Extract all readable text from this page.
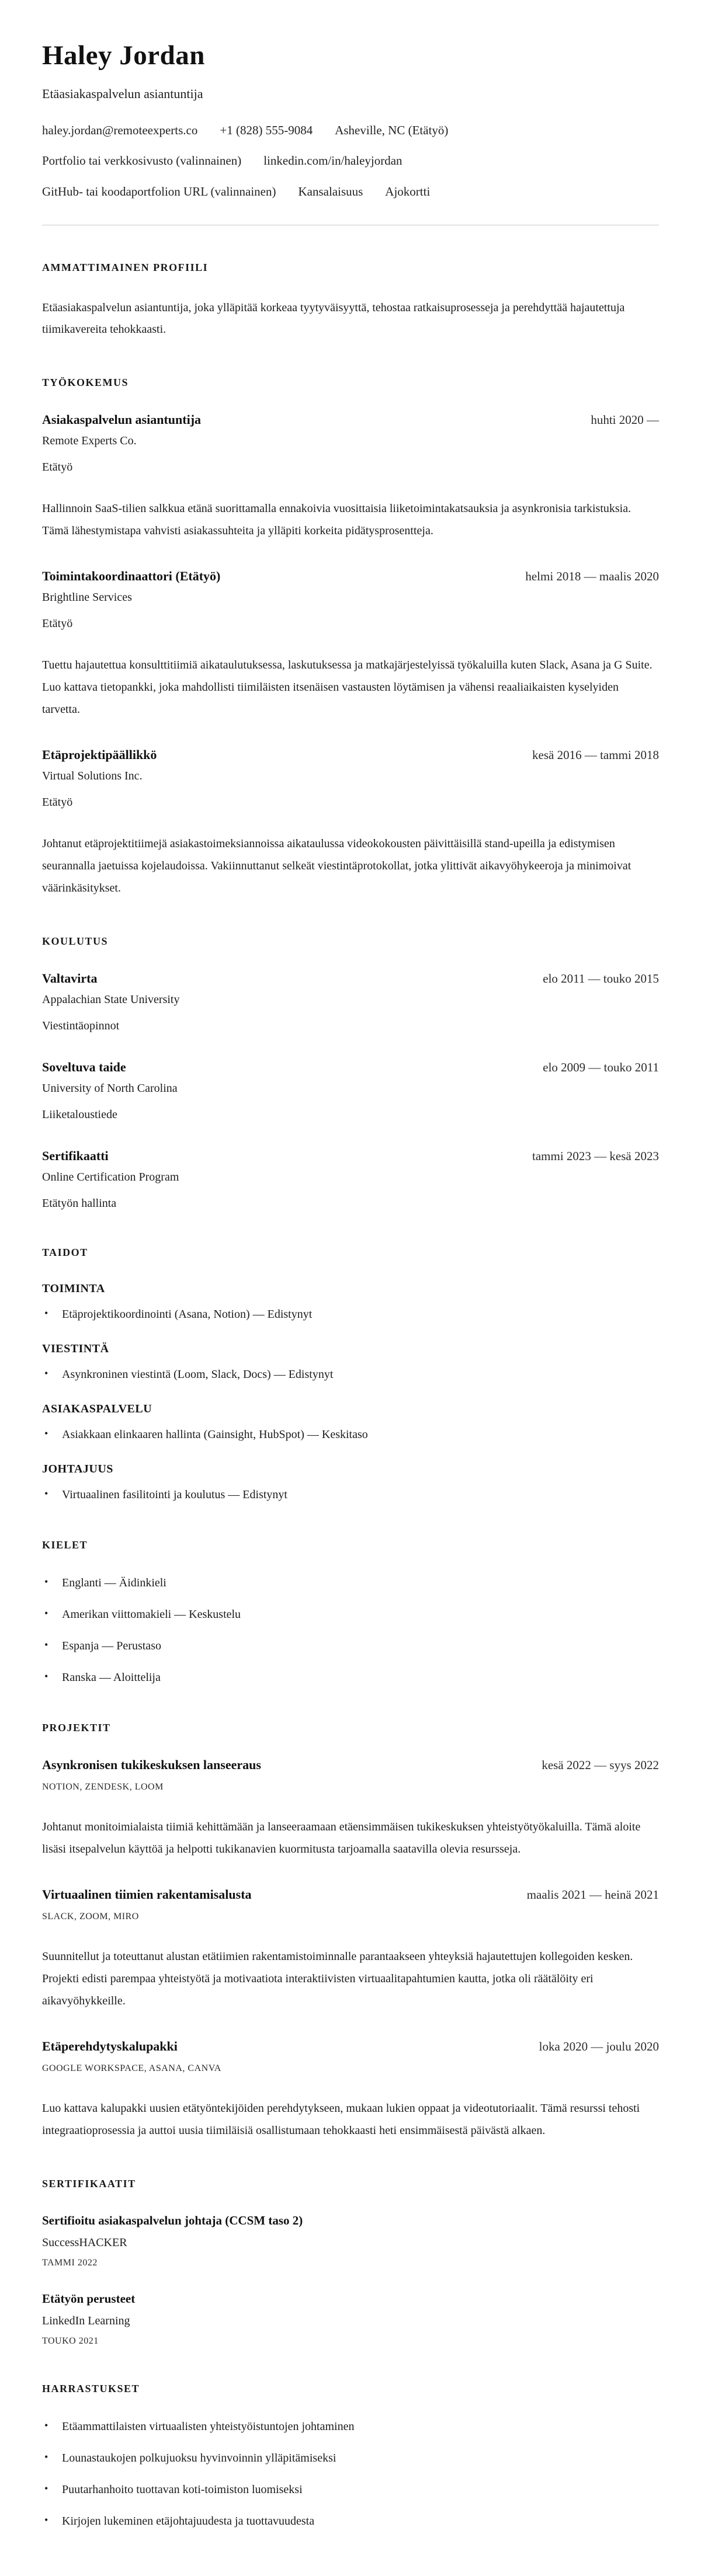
Haley Jordan
Etäasiakaspalvelun asiantuntija
haley.jordan@remoteexperts.co +1 (828) 555-9084 Asheville, NC (Etätyö)
Portfolio tai verkkosivusto (valinnainen) linkedin.com/in/haleyjordan
GitHub- tai koodaportfolion URL (valinnainen) Kansalaisuus Ajokortti
AMMATTIMAINEN PROFIILI

Etäasiakaspalvelun asiantuntija, joka ylläpitää korkeaa tyytyväisyyttä, tehostaa ratkaisuprosesseja ja perehdyttää hajautettuja tiimikavereita tehokkaasti.

TYÖKOKEMUS
Asiakaspalvelun asiantuntija	huhti 2020 —
Remote Experts Co.
Etätyö

Hallinnoin SaaS-tilien salkkua etänä suorittamalla ennakoivia vuosittaisia liiketoimintakatsauksia ja asynkronisia tarkistuksia. Tämä lähestymistapa vahvisti asiakassuhteita ja ylläpiti korkeita pidätysprosentteja.

Toimintakoordinaattori (Etätyö)	helmi 2018 — maalis 2020
Brightline Services
Etätyö

Tuettu hajautettua konsulttitiimiä aikataulutuksessa, laskutuksessa ja matkajärjestelyissä työkaluilla kuten Slack, Asana ja G Suite. Luo kattava tietopankki, joka mahdollisti tiimiläisten itsenäisen vastausten löytämisen ja vähensi reaaliaikaisten kyselyiden tarvetta.

Etäprojektipäällikkö	kesä 2016 — tammi 2018
Virtual Solutions Inc.
Etätyö

Johtanut etäprojektitiimejä asiakastoimeksiannoissa aikataulussa videokokousten päivittäisillä stand-upeilla ja edistymisen seurannalla jaetuissa kojelaudoissa. Vakiinnuttanut selkeät viestintäprotokollat, jotka ylittivät aikavyöhykeeroja ja minimoivat väärinkäsitykset.

KOULUTUS
Valtavirta	elo 2011 — touko 2015
Appalachian State University
Viestintäopinnot
Soveltuva taide	elo 2009 — touko 2011
University of North Carolina
Liiketaloustiede
Sertifikaatti	tammi 2023 — kesä 2023
Online Certification Program
Etätyön hallinta
TAIDOT
TOIMINTA
• Etäprojektikoordinointi (Asana, Notion) — Edistynyt
VIESTINTÄ
• Asynkroninen viestintä (Loom, Slack, Docs) — Edistynyt
ASIAKASPALVELU
• Asiakkaan elinkaaren hallinta (Gainsight, HubSpot) — Keskitaso
JOHTAJUUS
• Virtuaalinen fasilitointi ja koulutus — Edistynyt
KIELET
• Englanti — Äidinkieli
• Amerikan viittomakieli — Keskustelu
• Espanja — Perustaso
• Ranska — Aloittelija
PROJEKTIT
Asynkronisen tukikeskuksen lanseeraus	kesä 2022 — syys 2022
NOTION, ZENDESK, LOOM

Johtanut monitoimialaista tiimiä kehittämään ja lanseeraamaan etäensimmäisen tukikeskuksen yhteistyötyökaluilla. Tämä aloite lisäsi itsepalvelun käyttöä ja helpotti tukikanavien kuormitusta tarjoamalla saatavilla olevia resursseja.

Virtuaalinen tiimien rakentamisalusta	maalis 2021 — heinä 2021
SLACK, ZOOM, MIRO

Suunnitellut ja toteuttanut alustan etätiimien rakentamistoiminnalle parantaakseen yhteyksiä hajautettujen kollegoiden kesken. Projekti edisti parempaa yhteistyötä ja motivaatiota interaktiivisten virtuaalitapahtumien kautta, jotka oli räätälöity eri aikavyöhykkeille.

Etäperehdytyskalupakki	loka 2020 — joulu 2020
GOOGLE WORKSPACE, ASANA, CANVA

Luo kattava kalupakki uusien etätyöntekijöiden perehdytykseen, mukaan lukien oppaat ja videotutoriaalit. Tämä resurssi tehosti integraatioprosessia ja auttoi uusia tiimiläisiä osallistumaan tehokkaasti heti ensimmäisestä päivästä alkaen.

SERTIFIKAATIT
Sertifioitu asiakaspalvelun johtaja (CCSM taso 2)
SuccessHACKER
TAMMI 2022
Etätyön perusteet
LinkedIn Learning
TOUKO 2021
HARRASTUKSET
• Etäammattilaisten virtuaalisten yhteistyöistuntojen johtaminen
• Lounastaukojen polkujuoksu hyvinvoinnin ylläpitämiseksi
• Puutarhanhoito tuottavan koti-toimiston luomiseksi
• Kirjojen lukeminen etäjohtajuudesta ja tuottavuudesta
